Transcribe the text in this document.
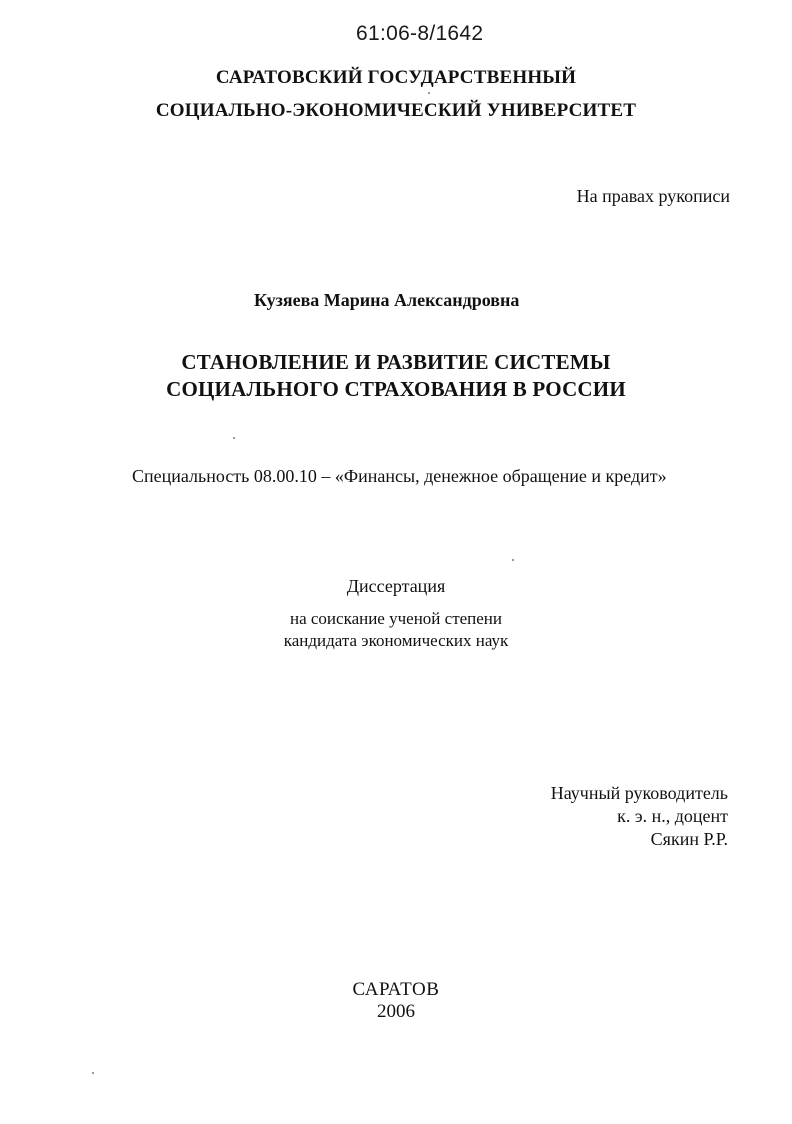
61:06-8/1642
САРАТОВСКИЙ ГОСУДАРСТВЕННЫЙ
СОЦИАЛЬНО-ЭКОНОМИЧЕСКИЙ УНИВЕРСИТЕТ
На правах рукописи
Кузяева Марина Александровна
СТАНОВЛЕНИЕ И РАЗВИТИЕ СИСТЕМЫ
СОЦИАЛЬНОГО СТРАХОВАНИЯ В РОССИИ
Специальность 08.00.10 – «Финансы, денежное обращение и кредит»
Диссертация
на соискание ученой степени
кандидата экономических наук
Научный руководитель
к. э. н., доцент
Сякин Р.Р.
САРАТОВ
2006
